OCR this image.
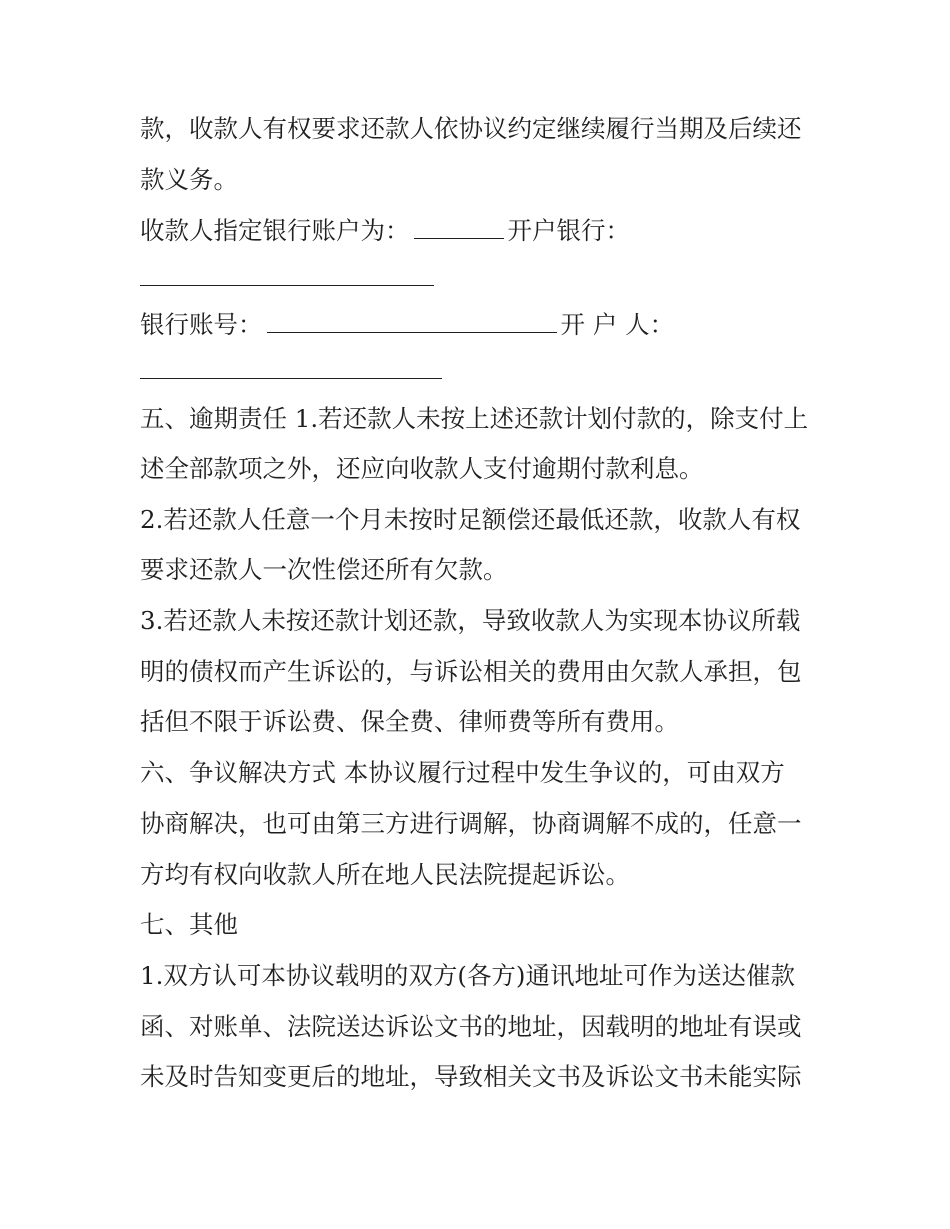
款，收款人有权要求还款人依协议约定继续履行当期及后续还
款义务。
收款人指定银行账户为：	开户银行：
银行账号：	开 户 人：
五、逾期责任 1.若还款人未按上述还款计划付款的，除支付上
述全部款项之外，还应向收款人支付逾期付款利息。
2.若还款人任意一个月未按时足额偿还最低还款，收款人有权
要求还款人一次性偿还所有欠款。
3.若还款人未按还款计划还款，导致收款人为实现本协议所载
明的债权而产生诉讼的，与诉讼相关的费用由欠款人承担，包
括但不限于诉讼费、保全费、律师费等所有费用。
六、争议解决方式 本协议履行过程中发生争议的，可由双方
协商解决，也可由第三方进行调解，协商调解不成的，任意一
方均有权向收款人所在地人民法院提起诉讼。
七、其他
1.双方认可本协议载明的双方(各方)通讯地址可作为送达催款
函、对账单、法院送达诉讼文书的地址，因载明的地址有误或
未及时告知变更后的地址，导致相关文书及诉讼文书未能实际
